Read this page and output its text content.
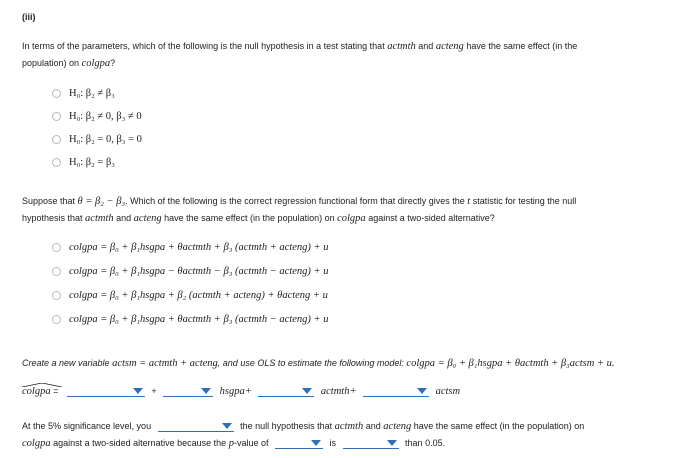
(iii)
In terms of the parameters, which of the following is the null hypothesis in a test stating that actmth and acteng have the same effect (in the
population) on colgpa?
H₀: β₂ ≠ β₃
H₀: β₂ ≠ 0, β₃ ≠ 0
H₀: β₂ = 0, β₃ = 0
H₀: β₂ = β₃
Suppose that θ = β₂ − β₃. Which of the following is the correct regression functional form that directly gives the t statistic for testing the null
hypothesis that actmth and acteng have the same effect (in the population) on colgpa against a two-sided alternative?
colgpa = β₀ + β₁hsgpa + θactmth + β₃ (actmth + acteng) + u
colgpa = β₀ + β₁hsgpa − θactmth − β₃ (actmth − acteng) + u
colgpa = β₀ + β₁hsgpa + β₂ (actmth + acteng) + θacteng + u
colgpa = β₀ + β₁hsgpa + θactmth + β₃ (actmth − acteng) + u
Create a new variable actsm = actmth + acteng, and use OLS to estimate the following model: colgpa = β₀ + β₁hsgpa + θactmth + β₃actsm + u.
colgpa
=	+	hsgpa+	actmth+	actsm
At the 5% significance level, you	the null hypothesis that actmth and acteng have the same effect (in the population) on
colgpa against a two-sided alternative because the p-value of	is	than 0.05.
